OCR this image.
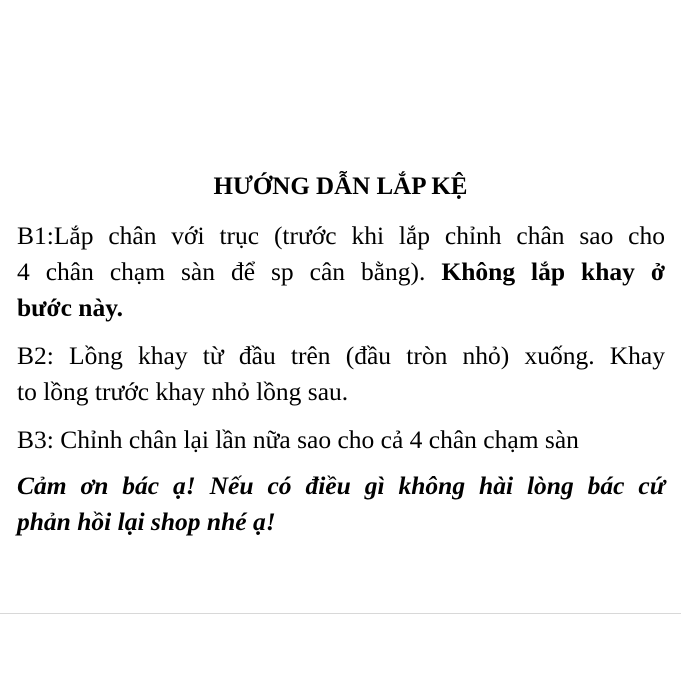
HƯỚNG DẪN LẮP KỆ
B1:Lắp chân với trục (trước khi lắp chỉnh chân sao cho
4 chân chạm sàn để sp cân bằng). Không lắp khay ở
bước này.
B2: Lồng khay từ đầu trên (đầu tròn nhỏ) xuống. Khay
to lồng trước khay nhỏ lồng sau.
B3: Chỉnh chân lại lần nữa sao cho cả 4 chân chạm sàn
Cảm ơn bác ạ! Nếu có điều gì không hài lòng bác cứ
phản hồi lại shop nhé ạ!
